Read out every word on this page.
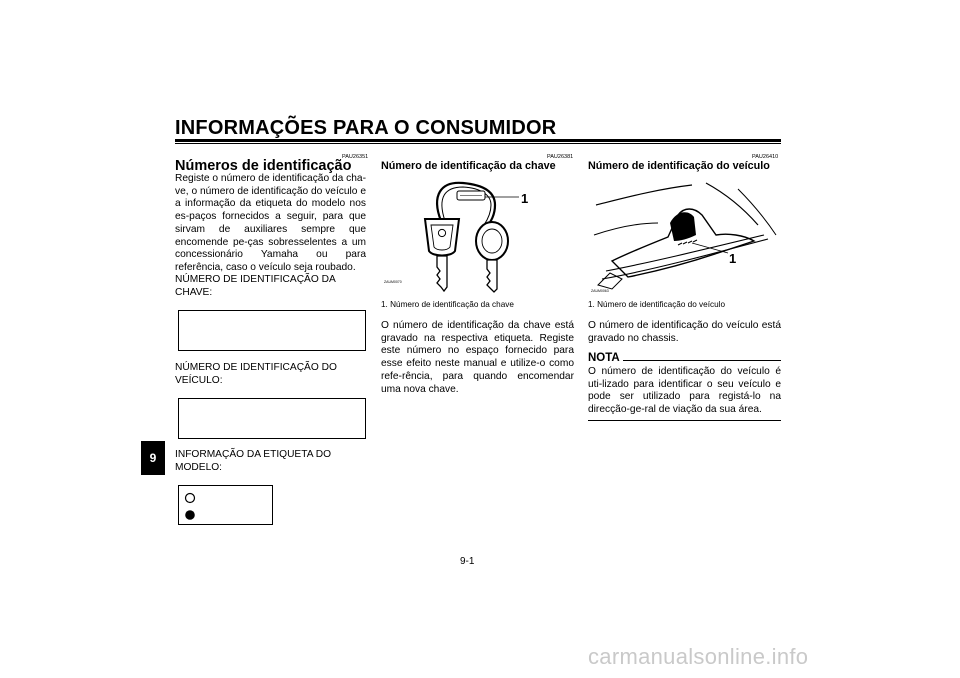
INFORMAÇÕES PARA O CONSUMIDOR
9
PAU26351
Números de identificação
Registe o número de identificação da cha-ve, o número de identificação do veículo e a informação da etiqueta do modelo nos es-paços fornecidos a seguir, para que sirvam de auxiliares sempre que encomende pe-ças sobresselentes a um concessionário Yamaha ou para referência, caso o veículo seja roubado.
NÚMERO DE IDENTIFICAÇÃO DA CHAVE:
NÚMERO DE IDENTIFICAÇÃO DO VEÍCULO:
INFORMAÇÃO DA ETIQUETA DO MODELO:
PAU26381
Número de identificação da chave
ZAUM0070
1
1. Número de identificação da chave
O número de identificação da chave está gravado na respectiva etiqueta. Registe este número no espaço fornecido para esse efeito neste manual e utilize-o como refe-rência, para quando encomendar uma nova chave.
PAU26410
Número de identificação do veículo
ZAUM0063
1
1. Número de identificação do veículo
O número de identificação do veículo está gravado no chassis.
NOTA
O número de identificação do veículo é uti-lizado para identificar o seu veículo e pode ser utilizado para registá-lo na direcção-ge-ral de viação da sua área.
9-1
carmanualsonline.info
